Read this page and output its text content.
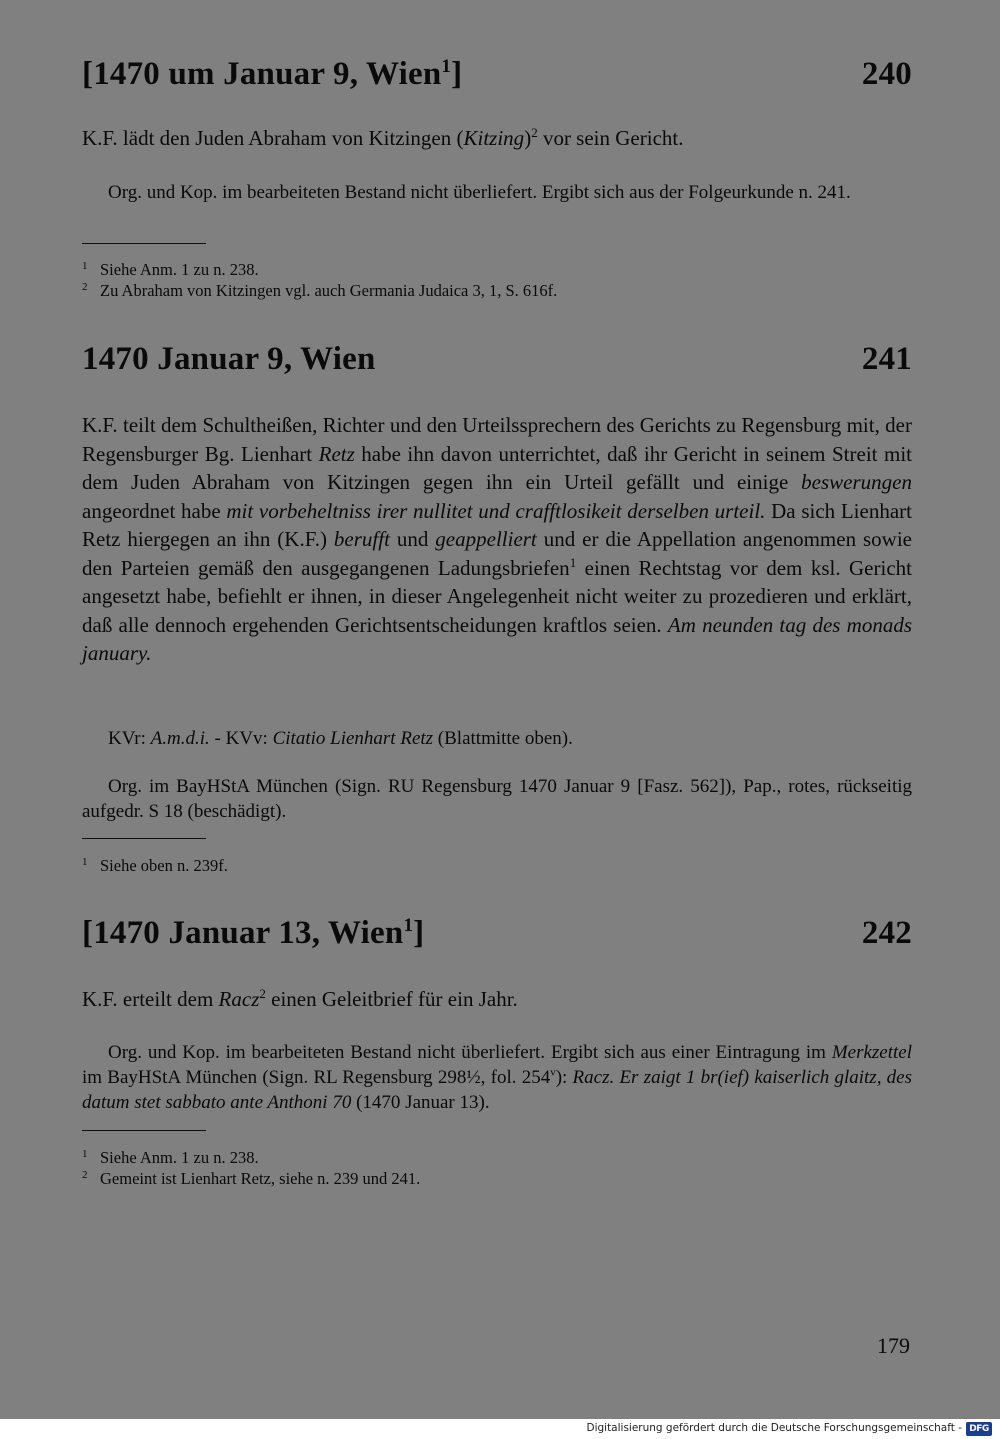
[1470 um Januar 9, Wien$^1$]	240
K.F. lädt den Juden Abraham von Kitzingen (Kitzing)$^2$ vor sein Gericht.
Org. und Kop. im bearbeiteten Bestand nicht überliefert. Ergibt sich aus der Folgeurkunde n. 241.
1 Siehe Anm. 1 zu n. 238.
2 Zu Abraham von Kitzingen vgl. auch Germania Judaica 3, 1, S. 616f.
1470 Januar 9, Wien	241
K.F. teilt dem Schultheißen, Richter und den Urteilssprechern des Gerichts zu Regensburg mit, der Regensburger Bg. Lienhart Retz habe ihn davon unterrichtet, daß ihr Gericht in seinem Streit mit dem Juden Abraham von Kitzingen gegen ihn ein Urteil gefällt und einige beswerungen angeordnet habe mit vorbeheltniss irer nullitet und crafftlosikeit derselben urteil. Da sich Lienhart Retz hiergegen an ihn (K.F.) berufft und geappelliert und er die Appellation angenommen sowie den Parteien gemäß den ausgegangenen Ladungsbriefen$^1$ einen Rechtstag vor dem ksl. Gericht angesetzt habe, befiehlt er ihnen, in dieser Angelegenheit nicht weiter zu prozedieren und erklärt, daß alle dennoch ergehenden Gerichtsentscheidungen kraftlos seien. Am neunden tag des monads january.
KVr: A.m.d.i. - KVv: Citatio Lienhart Retz (Blattmitte oben).
Org. im BayHStA München (Sign. RU Regensburg 1470 Januar 9 [Fasz. 562]), Pap., rotes, rückseitig aufgedr. S 18 (beschädigt).
1 Siehe oben n. 239f.
[1470 Januar 13, Wien$^1$]	242
K.F. erteilt dem Racz$^2$ einen Geleitbrief für ein Jahr.
Org. und Kop. im bearbeiteten Bestand nicht überliefert. Ergibt sich aus einer Eintragung im Merkzettel im BayHStA München (Sign. RL Regensburg 298½, fol. 254$^v$): Racz. Er zaigt 1 br(ief) kaiserlich glaitz, des datum stet sabbato ante Anthoni 70 (1470 Januar 13).
1 Siehe Anm. 1 zu n. 238.
2 Gemeint ist Lienhart Retz, siehe n. 239 und 241.
179
Digitalisierung gefördert durch die Deutsche Forschungsgemeinschaft - DFG
